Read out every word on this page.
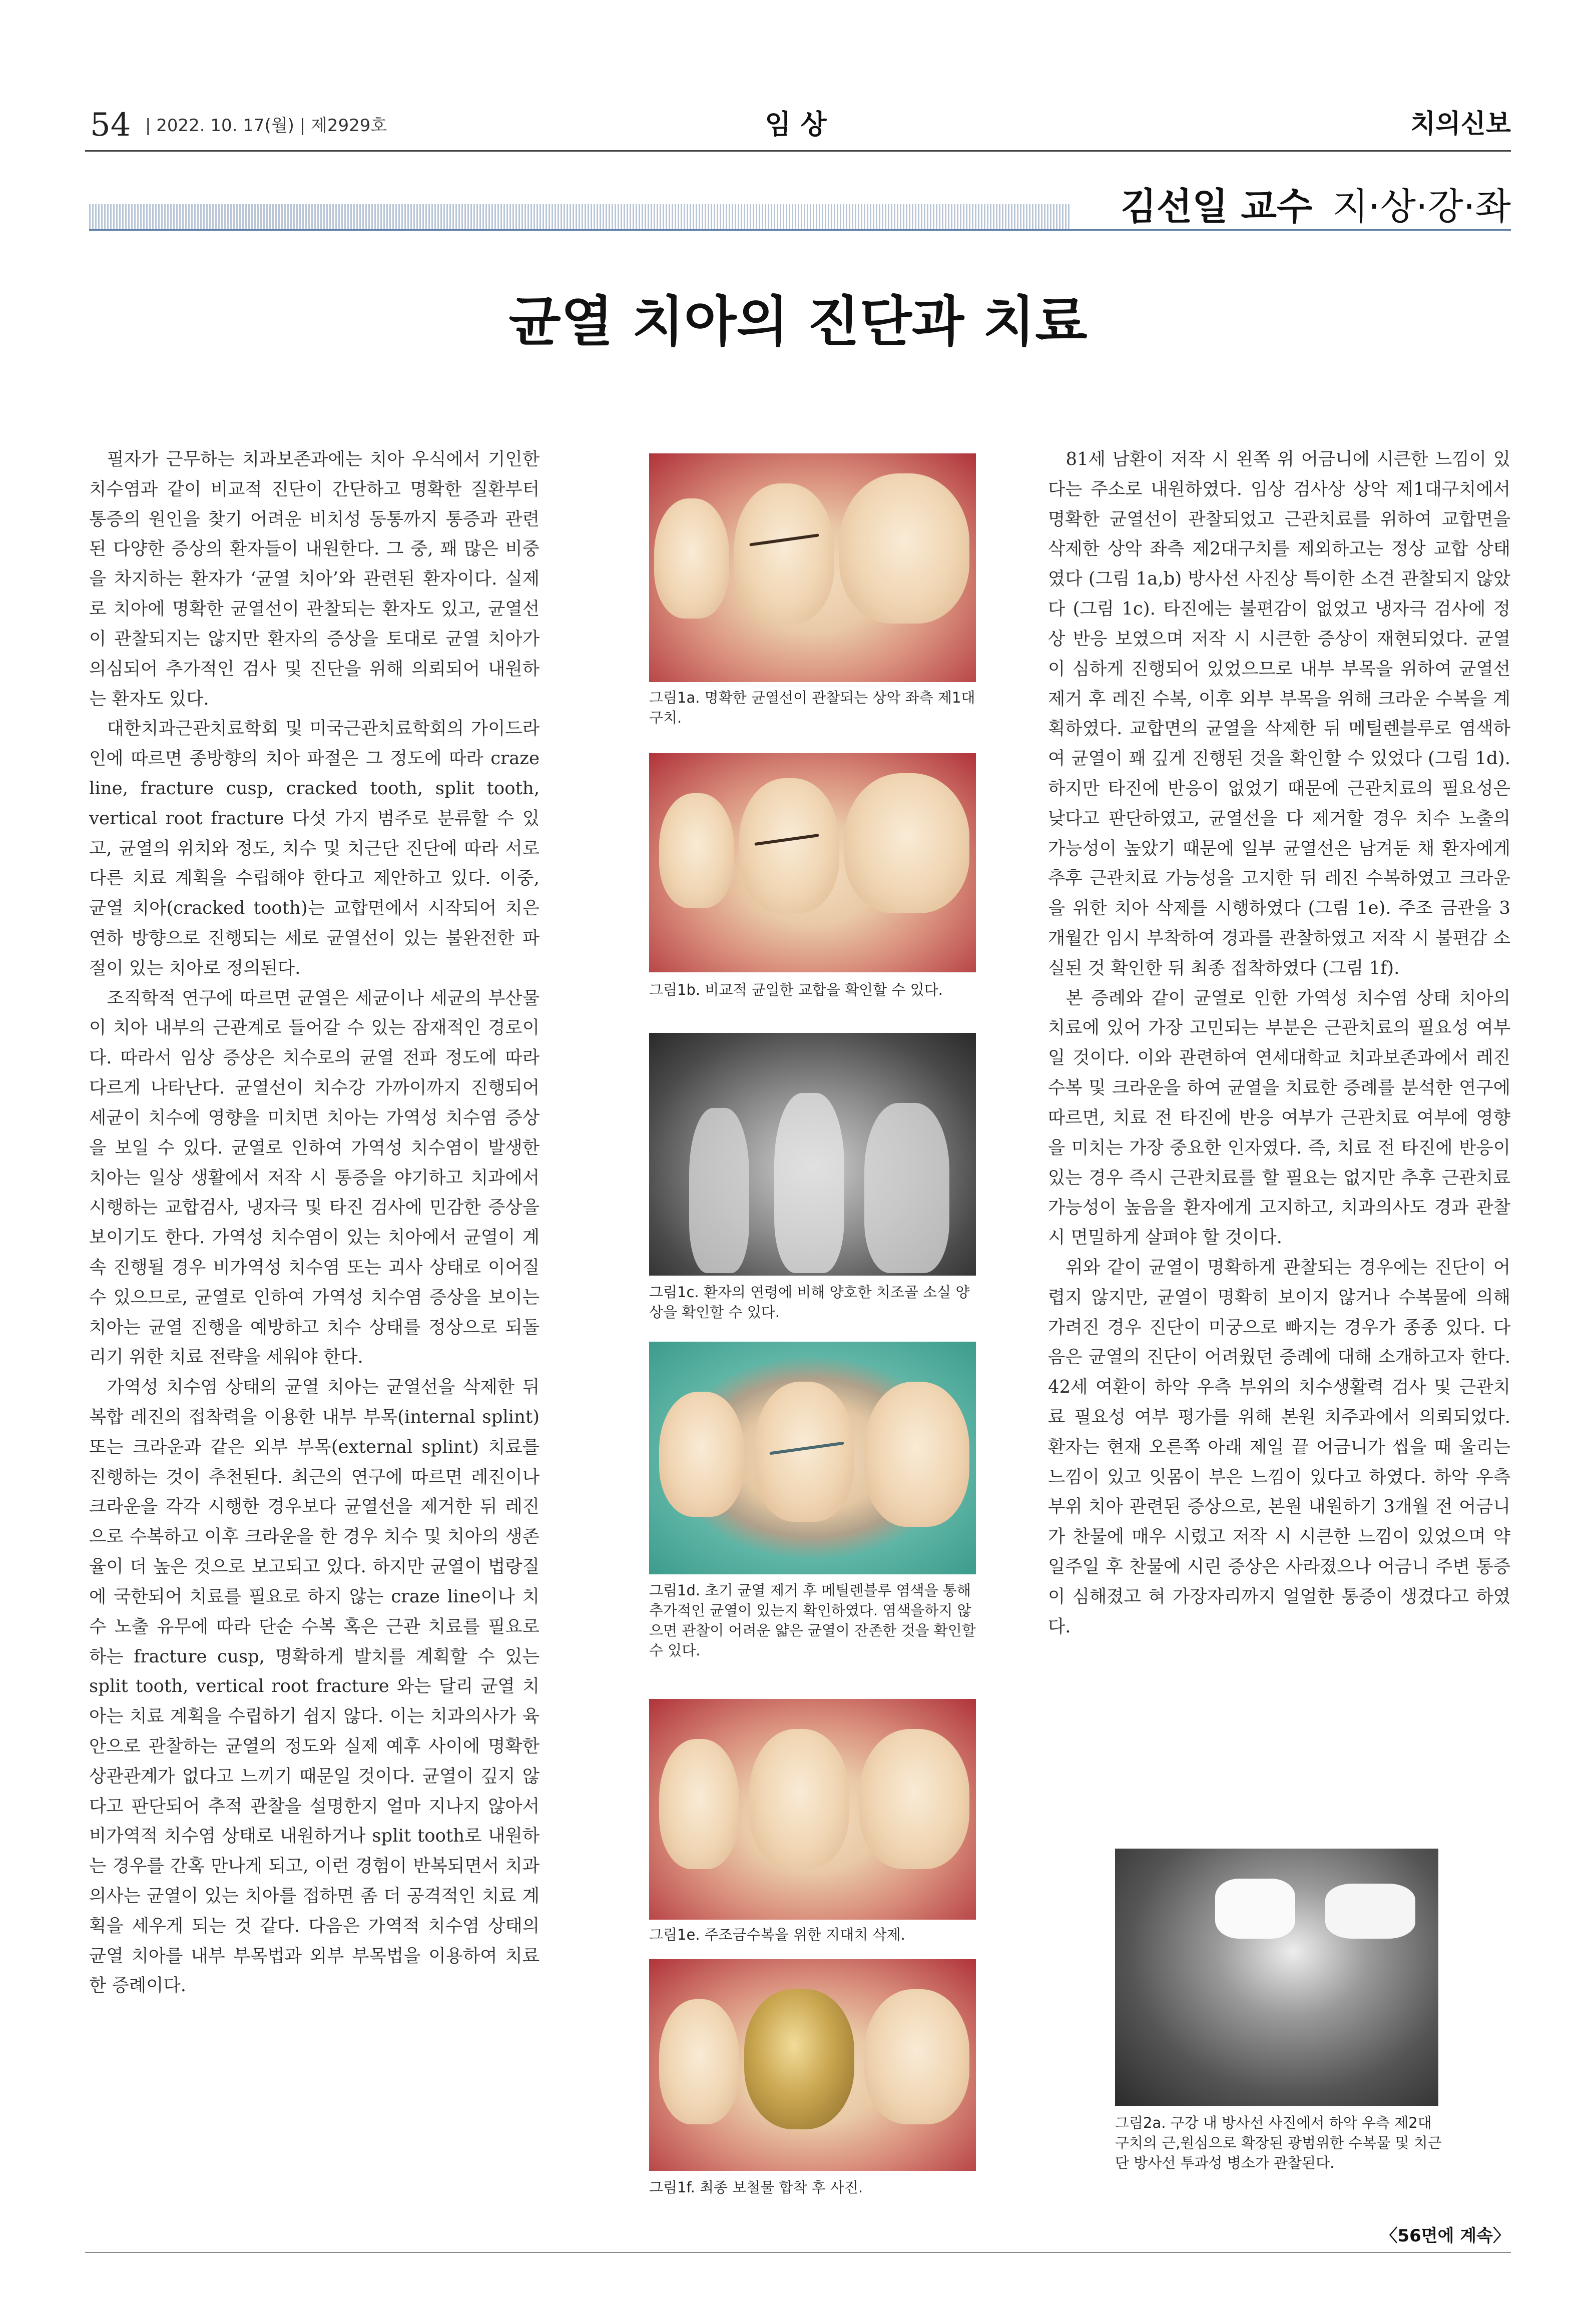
54 | 2022. 10. 17(월) | 제2929호	임 상	치의신보
김선일 교수 지·상·강·좌
균열 치아의 진단과 치료

필자가 근무하는 치과보존과에는 치아 우식에서 기인한 치수염과 같이 비교적 진단이 간단하고 명확한 질환부터 통증의 원인을 찾기 어려운 비치성 동통까지 통증과 관련된 다양한 증상의 환자들이 내원한다. 그 중, 꽤 많은 비중을 차지하는 환자가 ‘균열 치아’와 관련된 환자이다. 실제로 치아에 명확한 균열선이 관찰되는 환자도 있고, 균열선이 관찰되지는 않지만 환자의 증상을 토대로 균열 치아가 의심되어 추가적인 검사 및 진단을 위해 의뢰되어 내원하는 환자도 있다.

대한치과근관치료학회 및 미국근관치료학회의 가이드라인에 따르면 종방향의 치아 파절은 그 정도에 따라 craze line, fracture cusp, cracked tooth, split tooth, vertical root fracture 다섯 가지 범주로 분류할 수 있고, 균열의 위치와 정도, 치수 및 치근단 진단에 따라 서로 다른 치료 계획을 수립해야 한다고 제안하고 있다. 이중, 균열 치아(cracked tooth)는 교합면에서 시작되어 치은연하 방향으로 진행되는 세로 균열선이 있는 불완전한 파절이 있는 치아로 정의된다.

조직학적 연구에 따르면 균열은 세균이나 세균의 부산물이 치아 내부의 근관계로 들어갈 수 있는 잠재적인 경로이다. 따라서 임상 증상은 치수로의 균열 전파 정도에 따라 다르게 나타난다. 균열선이 치수강 가까이까지 진행되어 세균이 치수에 영향을 미치면 치아는 가역성 치수염 증상을 보일 수 있다. 균열로 인하여 가역성 치수염이 발생한 치아는 일상 생활에서 저작 시 통증을 야기하고 치과에서 시행하는 교합검사, 냉자극 및 타진 검사에 민감한 증상을 보이기도 한다. 가역성 치수염이 있는 치아에서 균열이 계속 진행될 경우 비가역성 치수염 또는 괴사 상태로 이어질 수 있으므로, 균열로 인하여 가역성 치수염 증상을 보이는 치아는 균열 진행을 예방하고 치수 상태를 정상으로 되돌리기 위한 치료 전략을 세워야 한다.

가역성 치수염 상태의 균열 치아는 균열선을 삭제한 뒤 복합 레진의 접착력을 이용한 내부 부목(internal splint) 또는 크라운과 같은 외부 부목(external splint) 치료를 진행하는 것이 추천된다. 최근의 연구에 따르면 레진이나 크라운을 각각 시행한 경우보다 균열선을 제거한 뒤 레진으로 수복하고 이후 크라운을 한 경우 치수 및 치아의 생존율이 더 높은 것으로 보고되고 있다. 하지만 균열이 법랑질에 국한되어 치료를 필요로 하지 않는 craze line이나 치수 노출 유무에 따라 단순 수복 혹은 근관 치료를 필요로 하는 fracture cusp, 명확하게 발치를 계획할 수 있는 split tooth, vertical root fracture 와는 달리 균열 치아는 치료 계획을 수립하기 쉽지 않다. 이는 치과의사가 육안으로 관찰하는 균열의 정도와 실제 예후 사이에 명확한 상관관계가 없다고 느끼기 때문일 것이다. 균열이 깊지 않다고 판단되어 추적 관찰을 설명한지 얼마 지나지 않아서 비가역적 치수염 상태로 내원하거나 split tooth로 내원하는 경우를 간혹 만나게 되고, 이런 경험이 반복되면서 치과의사는 균열이 있는 치아를 접하면 좀 더 공격적인 치료 계획을 세우게 되는 것 같다. 다음은 가역적 치수염 상태의 균열 치아를 내부 부목법과 외부 부목법을 이용하여 치료한 증례이다.

그림1a. 명확한 균열선이 관찰되는 상악 좌측 제1대구치.
그림1b. 비교적 균일한 교합을 확인할 수 있다.
그림1c. 환자의 연령에 비해 양호한 치조골 소실 양상을 확인할 수 있다.
그림1d. 초기 균열 제거 후 메틸렌블루 염색을 통해 추가적인 균열이 있는지 확인하였다. 염색을하지 않으면 관찰이 어려운 얇은 균열이 잔존한 것을 확인할 수 있다.
그림1e. 주조금수복을 위한 지대치 삭제.
그림1f. 최종 보철물 합착 후 사진.

81세 남환이 저작 시 왼쪽 위 어금니에 시큰한 느낌이 있다는 주소로 내원하였다. 임상 검사상 상악 제1대구치에서 명확한 균열선이 관찰되었고 근관치료를 위하여 교합면을 삭제한 상악 좌측 제2대구치를 제외하고는 정상 교합 상태였다 (그림 1a,b) 방사선 사진상 특이한 소견 관찰되지 않았다 (그림 1c). 타진에는 불편감이 없었고 냉자극 검사에 정상 반응 보였으며 저작 시 시큰한 증상이 재현되었다. 균열이 심하게 진행되어 있었으므로 내부 부목을 위하여 균열선 제거 후 레진 수복, 이후 외부 부목을 위해 크라운 수복을 계획하였다. 교합면의 균열을 삭제한 뒤 메틸렌블루로 염색하여 균열이 꽤 깊게 진행된 것을 확인할 수 있었다 (그림 1d). 하지만 타진에 반응이 없었기 때문에 근관치료의 필요성은 낮다고 판단하였고, 균열선을 다 제거할 경우 치수 노출의 가능성이 높았기 때문에 일부 균열선은 남겨둔 채 환자에게 추후 근관치료 가능성을 고지한 뒤 레진 수복하였고 크라운을 위한 치아 삭제를 시행하였다 (그림 1e). 주조 금관을 3개월간 임시 부착하여 경과를 관찰하였고 저작 시 불편감 소실된 것 확인한 뒤 최종 접착하였다 (그림 1f).

본 증례와 같이 균열로 인한 가역성 치수염 상태 치아의 치료에 있어 가장 고민되는 부분은 근관치료의 필요성 여부일 것이다. 이와 관련하여 연세대학교 치과보존과에서 레진 수복 및 크라운을 하여 균열을 치료한 증례를 분석한 연구에 따르면, 치료 전 타진에 반응 여부가 근관치료 여부에 영향을 미치는 가장 중요한 인자였다. 즉, 치료 전 타진에 반응이 있는 경우 즉시 근관치료를 할 필요는 없지만 추후 근관치료 가능성이 높음을 환자에게 고지하고, 치과의사도 경과 관찰 시 면밀하게 살펴야 할 것이다.

위와 같이 균열이 명확하게 관찰되는 경우에는 진단이 어렵지 않지만, 균열이 명확히 보이지 않거나 수복물에 의해 가려진 경우 진단이 미궁으로 빠지는 경우가 종종 있다. 다음은 균열의 진단이 어려웠던 증례에 대해 소개하고자 한다. 42세 여환이 하악 우측 부위의 치수생활력 검사 및 근관치료 필요성 여부 평가를 위해 본원 치주과에서 의뢰되었다. 환자는 현재 오른쪽 아래 제일 끝 어금니가 씹을 때 울리는 느낌이 있고 잇몸이 부은 느낌이 있다고 하였다. 하악 우측 부위 치아 관련된 증상으로, 본원 내원하기 3개월 전 어금니가 찬물에 매우 시렸고 저작 시 시큰한 느낌이 있었으며 약 일주일 후 찬물에 시린 증상은 사라졌으나 어금니 주변 통증이 심해졌고 혀 가장자리까지 얼얼한 통증이 생겼다고 하였다.

그림2a. 구강 내 방사선 사진에서 하악 우측 제2대구치의 근,원심으로 확장된 광범위한 수복물 및 치근단 방사선 투과성 병소가 관찰된다.
〈56면에 계속〉
